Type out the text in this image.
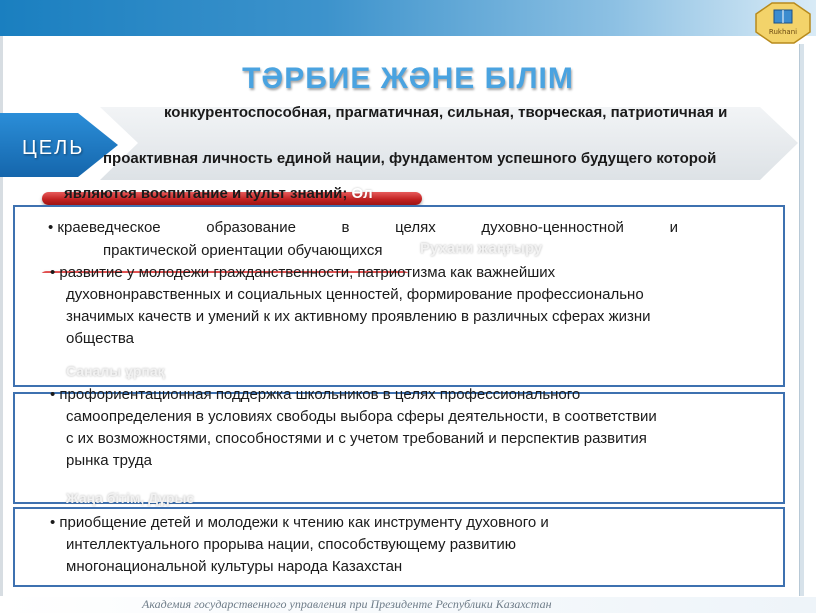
Rukhani
ТӘРБИЕ ЖӘНЕ БІЛІМ
ЦЕЛЬ
конкурентоспособная, прагматичная, сильная, творческая, патриотичная и
проактивная личность единой нации, фундаментом успешного будущего которой
являются воспитание и культ знаний; Өл
• краеведческое	образование	в	целях	духовно-ценностной	и
практической ориентации обучающихся	Рухани жаңғыру
• развитие у молодежи гражданственности, патриотизма как важнейших
духовнонравственных и социальных ценностей, формирование профессионально
значимых качеств и умений к их активному проявлению в различных сферах жизни
общества
Саналы ұрпақ
• профориентационная поддержка школьников в целях профессионального
самоопределения в условиях свободы выбора сферы деятельности, в соответствии
с их возможностями, способностями и с учетом требований и перспектив развития
рынка труда
Жаңа бітім, Дұрыс
• приобщение детей и молодежи к чтению как инструменту духовного и
интеллектуального прорыва нации, способствующему развитию
многонациональной культуры народа Казахстан
Академия государственного управления при Президенте Республики Казахстан
